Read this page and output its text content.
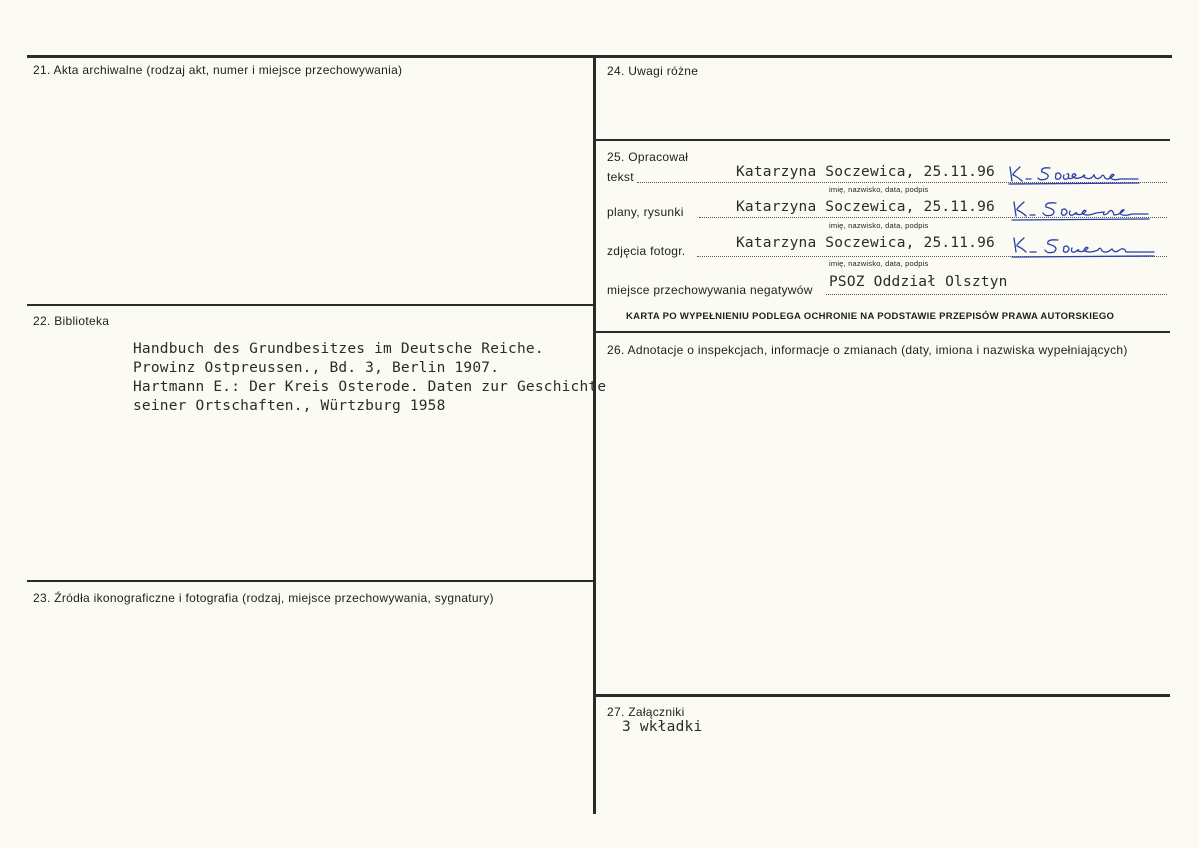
21. Akta archiwalne (rodzaj akt, numer i miejsce przechowywania)
22. Biblioteka
Handbuch des Grundbesitzes im Deutsche Reiche.
Prowinz Ostpreussen., Bd. 3, Berlin 1907.
Hartmann E.: Der Kreis Osterode. Daten zur Geschichte
seiner Ortschaften., Würtzburg 1958
23. Źródła ikonograficzne i fotografia (rodzaj, miejsce przechowywania, sygnatury)
24. Uwagi różne
25. Opracował
tekst	Katarzyna Soczewica, 25.11.96
imię, nazwisko, data, podpis
plany, rysunki	Katarzyna Soczewica, 25.11.96
imię, nazwisko, data, podpis
zdjęcia fotogr.	Katarzyna Soczewica, 25.11.96
imię, nazwisko, data, podpis
miejsce przechowywania negatywów PSOZ Oddział Olsztyn
KARTA PO WYPEŁNIENIU PODLEGA OCHRONIE NA PODSTAWIE PRZEPISÓW PRAWA AUTORSKIEGO
26. Adnotacje o inspekcjach, informacje o zmianach (daty, imiona i nazwiska wypełniających)
27. Załączniki
3 wkładki
